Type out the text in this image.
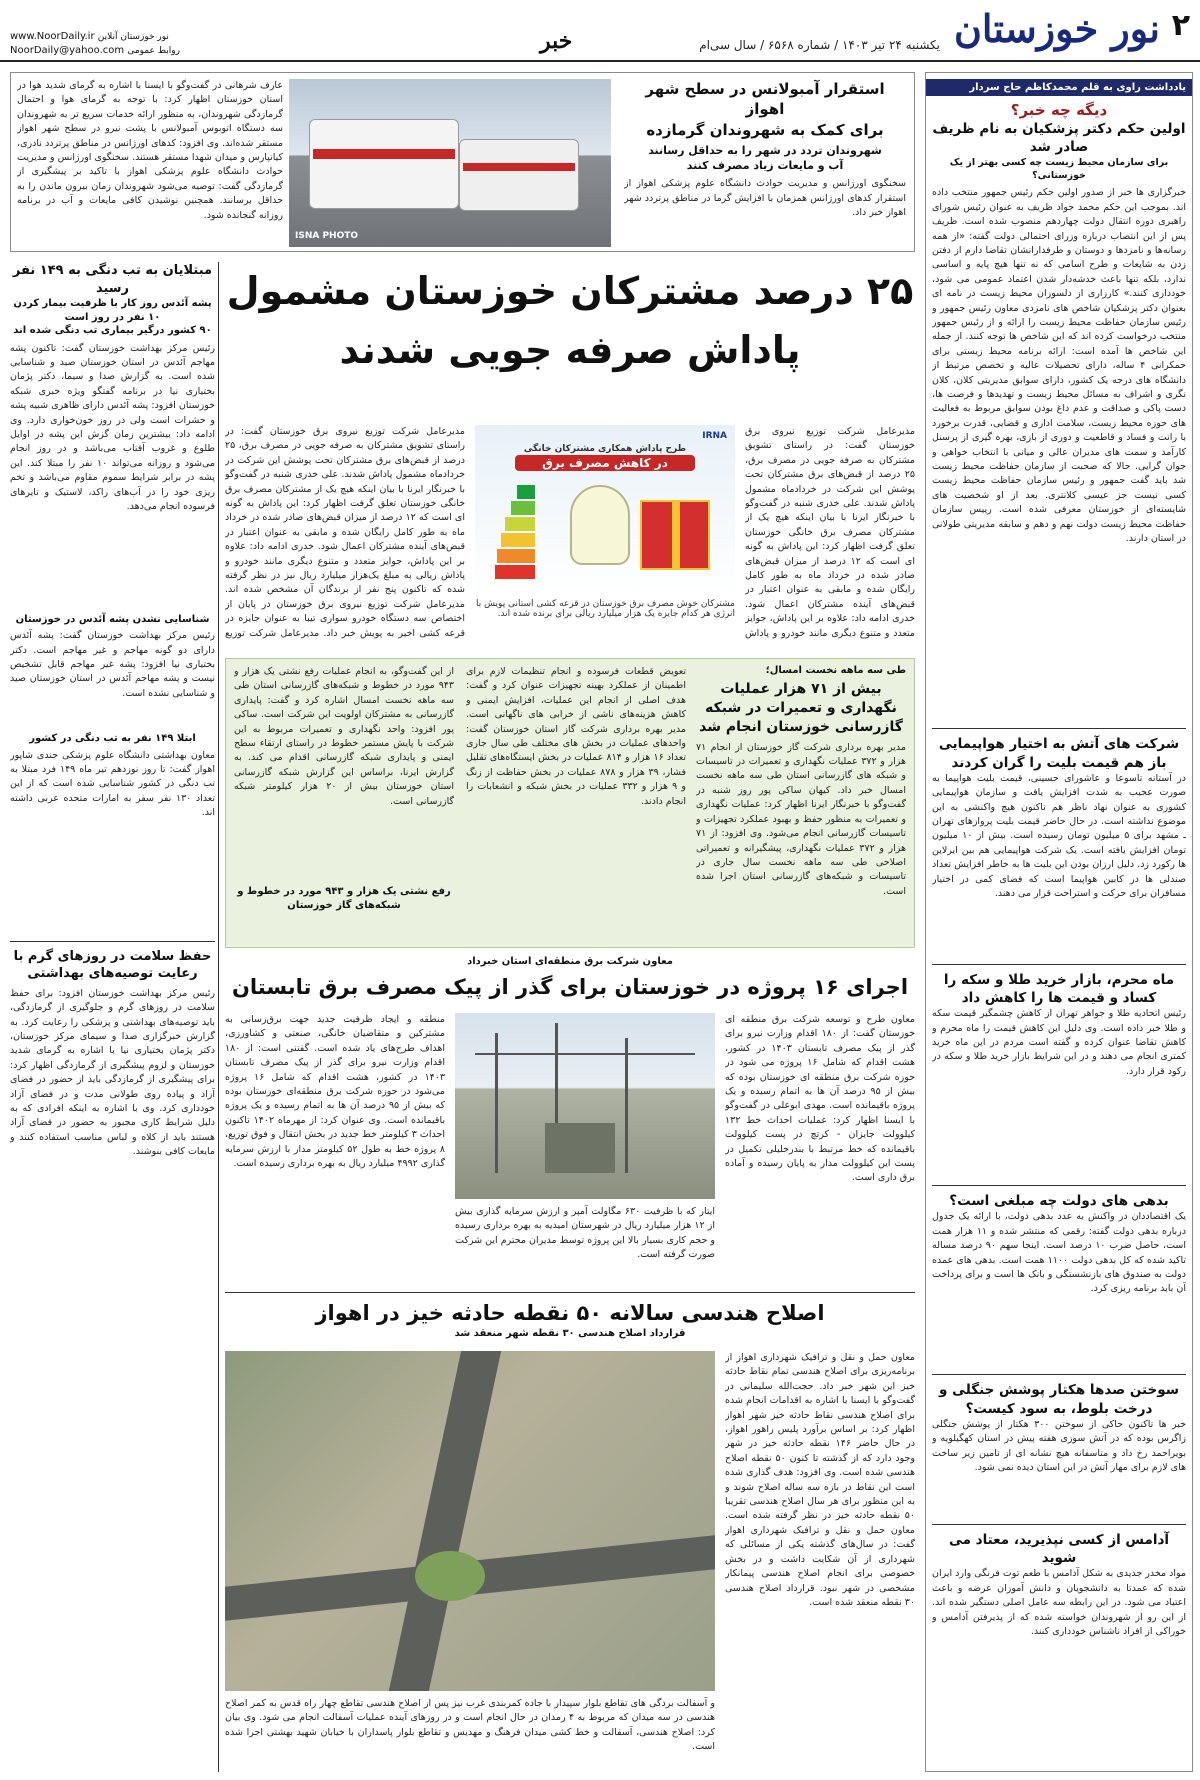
۲
نور خوزستان
یکشنبه ۲۴ تیر ۱۴۰۳ / شماره ۶۵۶۸ / سال سی‌ام
خبر
www.NoorDaily.ir نور خوزستان آنلاین
NoorDaily@yahoo.com روابط عمومی
یادداشت راوی به قلم محمدکاظم حاج سردار
دیگه چه خبر؟
اولین حکم دکتر پزشکیان به نام ظریف صادر شد
برای سازمان محیط زیست چه کسی بهتر از یک خوزستانی؟
خبرگزاری ها خبر از صدور اولین حکم رئیس جمهور منتخب داده اند. بموجب این حکم محمد جواد ظریف به عنوان رئیس شورای راهبری دوره انتقال دولت چهاردهم منصوب شده است. ظریف پس از این انتصاب درباره وزرای احتمالی دولت گفته: «از همه رسانه‌ها و نامزدها و دوستان و طرفدارانشان تقاضا دارم از دفتن زدن به شایعات و طرح اسامی که نه تنها هیچ پایه و اساسی ندارد، بلکه تنها باعث خدشه‌دار شدن اعتماد عمومی می شود، خودداری کنند.» کارزاری از دلسوزان محیط زیست در نامه ای بعنوان دکتر پزشکیان شاخص های نامزدی معاون رئیس جمهور و رئیس سازمان حفاظت محیط زیست را ارائه و از رئیس جمهور منتخب درخواست کرده اند که این شاخص ها توجه کنند. از جمله این شاخص ها آمده است: ارائه برنامه محیط زیستی برای حمکرانی ۴ ساله، دارای تحصیلات عالیه و تخصص مرتبط از دانشگاه های درجه یک کشور، دارای سوابق مدیریتی کلان، کلان نگری و اشراف به مسائل محیط زیست و تهدیدها و فرصت ها، دست پاکی و صداقت و عدم داغ بودن سوابق مربوط به فعالیت های حوزه محیط زیست، سلامت اداری و قضایی، قدرت برخورد با رانت و فساد و قاطعیت و دوری از بازی، بهره گیری از پرسنل کارآمد و سمت های مدیران عالی و میانی با انتخاب خواهی و جوان گرایی. حالا که صحبت از سازمان حفاظت محیط زیست شد باید گفت جمهور و رئیس سازمان حفاظت محیط زیست کسی نیست جز عیسی کلانتری. بعد از او شخصیت های شایسته‌ای از خوزستان معرفی شده است. رییس سازمان حفاظت محیط زیست دولت نهم و دهم و سابقه مدیریتی طولانی در استان دارند.
شرکت های آتش به اختیار هواپیمایی باز هم قیمت بلیت را گران کردند
در آستانه تاسوعا و عاشورای حسینی، قیمت بلیت هواپیما به صورت عجیب به شدت افزایش یافت و سازمان هواپیمایی کشوری به عنوان نهاد ناظر هم تاکنون هیچ واکنشی به این موضوع نداشته است. در حال حاضر قیمت بلیت پروازهای تهران ـ مشهد برای ۵ میلیون تومان رسیده است. بیش از ۱۰ میلیون تومان افزایش یافته است. یک شرکت هواپیمایی هم بین ایرلاین ها رکورد زد. دلیل ارزان بودن این بلیت ها به خاطر افزایش تعداد صندلی ها در کابین هواپیما است که فضای کمی در اختیار مسافران برای حرکت و استراحت قرار می دهند.
ماه محرم، بازار خرید طلا و سکه را کساد و قیمت ها را کاهش داد
رئیس اتحادیه طلا و جواهر تهران از کاهش چشمگیر قیمت سکه و طلا خبر داده است. وی دلیل این کاهش قیمت را ماه محرم و کاهش تقاضا عنوان کرده و گفته است مردم در این ماه خرید کمتری انجام می دهند و در این شرایط بازار خرید طلا و سکه در رکود قرار دارد.
بدهی های دولت چه مبلغی است؟
یک اقتصاددان در واکنش به عدد بدهی دولت، با ارائه یک جدول درباره بدهی دولت گفته: رقمی که منتشر شده و ۱۱ هزار همت است، حاصل ضرب ۱۰ درصد است. اینجا سهم ۹۰ درصد مساله تاکید شده که کل بدهی دولت ۱۱۰۰ همت است. بدهی های عمده دولت به صندوق های بازنشستگی و بانک ها است و برای پرداخت آن باید برنامه ریزی کرد.
سوختن صدها هکتار پوشش جنگلی و درخت بلوط، به سود کیست؟
خبر ها تاکنون حاکی از سوختن ۳۰۰ هکتار از پوشش جنگلی زاگرس بوده که در آتش سوزی هفته پیش در استان کهگیلویه و بویراحمد رخ داد و متاسفانه هیچ نشانه ای از تامین زیر ساخت های لازم برای مهار آتش در این استان دیده نمی شود.
آدامس از کسی نپذیرید، معتاد می شوید
مواد مخدر جدیدی به شکل آدامس با طعم توت فرنگی وارد ایران شده که عمدتا به دانشجویان و دانش آموزان عرضه و باعث اعتیاد می شود. در این رابطه سه عامل اصلی دستگیر شده اند. از این رو از شهروندان خواسته شده که از پذیرفتن آدامس و خوراکی از افراد ناشناس خودداری کنند.
استقرار آمبولانس در سطح شهر اهواز
برای کمک به شهروندان گرمازده
شهروندان تردد در شهر را به حداقل رسانند
آب و مایعات زیاد مصرف کنند
سخنگوی اورژانس و مدیریت حوادث دانشگاه علوم پزشکی اهواز از استقرار کدهای اورژانس همزمان با افزایش گرما در مناطق پرتردد شهر اهواز خبر داد.
ISNA PHOTO
عارف شرهانی در گفت‌وگو با ایسنا با اشاره به گرمای شدید هوا در استان خوزستان اظهار کرد: با توجه به گرمای هوا و احتمال گرمازدگی شهروندان، به منظور ارائه خدمات سریع تر به شهروندان سه دستگاه اتوبوس آمبولانس با پشت نیرو در سطح شهر اهواز مستقر شده‌اند. وی افزود: کدهای اورژانس در مناطق پرتردد نادری، کیانپارس و میدان شهدا مستقر هستند. سخنگوی اورژانس و مدیریت حوادث دانشگاه علوم پزشکی اهواز با تاکید بر پیشگیری از گرمازدگی گفت: توصیه می‌شود شهروندان زمان بیرون ماندن را به حداقل برسانند. همچنین نوشیدن کافی مایعات و آب در برنامه روزانه گنجانده شود.
مبتلایان به تب دنگی به ۱۴۹ نفر رسید
پشه آئدس روز کار با ظرفیت بیمار کردن ۱۰ نفر در روز است
۹۰ کشور درگیر بیماری تب دنگی شده اند
رئیس مرکز بهداشت خوزستان گفت: تاکنون پشه مهاجم آئدس در استان خوزستان صید و شناسایی شده است. به گزارش صدا و سیما، دکتر پژمان بختیاری نیا در برنامه گفتگو ویژه خبری شبکه خوزستان افزود: پشه آئدس دارای ظاهری شبیه پشه و حشرات است ولی در روز خون‌خواری دارد. وی ادامه داد: بیشترین زمان گزش این پشه در اوایل طلوع و غروب آفتاب می‌باشد و در روز انجام می‌شود و روزانه می‌تواند ۱۰ نفر را مبتلا کند. این پشه در برابر شرایط سموم مقاوم می‌باشد و تخم ریزی خود را در آب‌های راکد، لاستیک و تایرهای فرسوده انجام می‌دهد.
شناسایی نشدن پشه آئدس در خوزستان
رئیس مرکز بهداشت خوزستان گفت: پشه آئدس دارای دو گونه مهاجم و غیر مهاجم است. دکتر بختیاری نیا افزود: پشه غیر مهاجم قابل تشخیص نیست و پشه مهاجم آئدس در استان خوزستان صید و شناسایی نشده است.
ابتلا ۱۴۹ نفر به تب دنگی در کشور
معاون بهداشتی دانشگاه علوم پزشکی جندی شاپور اهواز گفت: تا روز نوزدهم تیر ماه ۱۴۹ فرد مبتلا به تب دنگی در کشور شناسایی شده است که از این تعداد ۱۳۰ نفر سفر به امارات متحده عربی داشته اند.
حفظ سلامت در روزهای گرم با رعایت توصیه‌های بهداشتی
رئیس مرکز بهداشت خوزستان افزود: برای حفظ سلامت در روزهای گرم و جلوگیری از گرمازدگی، باید توصیه‌های بهداشتی و پزشکی را رعایت کرد. به گزارش خبرگزاری صدا و سیمای مرکز خوزستان، دکتر پژمان بختیاری نیا با اشاره به گرمای شدید خوزستان و لزوم پیشگیری از گرمازدگی اظهار کرد: برای پیشگیری از گرمازدگی باید از حضور در فضای آزاد و پیاده روی طولانی مدت و در فضای آزاد خودداری کرد. وی با اشاره به اینکه افرادی که به دلیل شرایط کاری مجبور به حضور در فضای آزاد هستند باید از کلاه و لباس مناسب استفاده کنند و مایعات کافی بنوشند.
۲۵ درصد مشترکان خوزستان مشمول
پاداش صرفه جویی شدند
مدیرعامل شرکت توزیع نیروی برق خوزستان گفت: در راستای تشویق مشترکان به صرفه جویی در مصرف برق، ۲۵ درصد از قبض‌های برق مشترکان تحت پوشش این شرکت در خردادماه مشمول پاداش شدند. علی خدری شنبه در گفت‌وگو با خبرنگار ایرنا با بیان اینکه هیچ یک از مشترکان مصرف برق خانگی خوزستان تعلق گرفت اظهار کرد: این پاداش به گونه ای است که ۱۲ درصد از میزان قبض‌های صادر شده در خرداد ماه به طور کامل رایگان شده و مابقی به عنوان اعتبار در قبض‌های آینده مشترکان اعمال شود. خدری ادامه داد: علاوه بر این پاداش، جوایز متعدد و متنوع دیگری مانند خودرو و پاداش
IRNA
طرح پاداش همکاری مشترکان خانگی
در کاهش مصرف برق
مشترکان خوش مصرف برق خوزستان در قرعه کشی استانی پویش با انرژی هر کدام جایزه یک هزار میلیارد ریالی برای برنده شده اند.
مدیرعامل شرکت توزیع نیروی برق خوزستان گفت: در راستای تشویق مشترکان به صرفه جویی در مصرف برق، ۲۵ درصد از قبض‌های برق مشترکان تحت پوشش این شرکت در خردادماه مشمول پاداش شدند. علی خدری شنبه در گفت‌وگو با خبرنگار ایرنا با بیان اینکه هیچ یک از مشترکان مصرف برق خانگی خوزستان تعلق گرفت اظهار کرد: این پاداش به گونه ای است که ۱۲ درصد از میزان قبض‌های صادر شده در خرداد ماه به طور کامل رایگان شده و مابقی به عنوان اعتبار در قبض‌های آینده مشترکان اعمال شود. خدری ادامه داد: علاوه بر این پاداش، جوایز متعدد و متنوع دیگری مانند خودرو و پاداش ریالی به مبلغ یک‌هزار میلیارد ریال نیز در نظر گرفته شده که تاکنون پنج نفر از برندگان آن مشخص شده اند. مدیرعامل شرکت توزیع نیروی برق خوزستان در پایان از اختصاص سه دستگاه خودرو سواری تیبا به عنوان جایزه در قرعه کشی اخیر به پویش خبر داد. مدیرعامل شرکت توزیع
طی سه ماهه نخست امسال؛
بیش از ۷۱ هزار عملیات نگهداری و تعمیرات در شبکه گازرسانی خوزستان انجام شد
مدیر بهره برداری شرکت گاز خوزستان از انجام ۷۱ هزار و ۳۷۲ عملیات نگهداری و تعمیرات در تاسیسات و شبکه های گازرسانی استان طی سه ماهه نخست امسال خبر داد. کیهان ساکی پور روز شنبه در گفت‌وگو با خبرنگار ایرنا اظهار کرد: عملیات نگهداری و تعمیرات به منظور حفظ و بهبود عملکرد تجهیزات و تاسیسات گازرسانی انجام می‌شود. وی افزود: از ۷۱ هزار و ۳۷۲ عملیات نگهداری، پیشگیرانه و تعمیراتی اصلاحی طی سه ماهه نخست سال جاری در تاسیسات و شبکه‌های گازرسانی استان اجرا شده است.
تعویض قطعات فرسوده و انجام تنظیمات لازم برای اطمینان از عملکرد بهینه تجهیزات عنوان کرد و گفت: هدف اصلی از انجام این عملیات، افزایش ایمنی و کاهش هزینه‌های ناشی از خرابی های ناگهانی است. مدیر بهره برداری شرکت گاز استان خوزستان گفت: واحدهای عملیات در بخش های مختلف طی سال جاری تعداد ۱۶ هزار و ۸۱۴ عملیات در بخش ایستگاه‌های تقلیل فشار، ۳۹ هزار و ۸۷۸ عملیات در بخش حفاظت از زنگ و ۹ هزار و ۳۳۲ عملیات در بخش شبکه و انشعابات را انجام دادند.
از این گفت‌وگو، به انجام عملیات رفع نشتی یک هزار و ۹۴۳ مورد در خطوط و شبکه‌های گازرسانی استان طی سه ماهه نخست امسال اشاره کرد و گفت: پایداری گازرسانی به مشترکان اولویت این شرکت است. ساکی پور افزود: واحد نگهداری و تعمیرات مربوط به این شرکت با پایش مستمر خطوط در راستای ارتقاء سطح ایمنی و پایداری شبکه گازرسانی اقدام می کند. به گزارش ایرنا، براساس این گزارش شبکه گازرسانی استان خوزستان بیش از ۲۰ هزار کیلومتر شبکه گازرسانی است.
رفع نشتی یک هزار و ۹۴۳ مورد در خطوط و شبکه‌های گاز خوزستان
معاون شرکت برق منطقه‌ای استان خبرداد
اجرای ۱۶ پروژه در خوزستان برای گذر از پیک مصرف برق تابستان
معاون طرح و توسعه شرکت برق منطقه ای خوزستان گفت: از ۱۸۰ اقدام وزارت نیرو برای گذر از پیک مصرف تابستان ۱۴۰۳ در کشور، هشت اقدام که شامل ۱۶ پروژه می شود در حوزه شرکت برق منطقه ای خوزستان بوده که بیش از ۹۵ درصد آن ها به اتمام رسیده و یک پروژه باقیمانده است. مهدی ابوعلی در گفت‌وگو با ایسنا اظهار کرد: عملیات احداث خط ۱۳۲ کیلوولت جایزان - کرتچ در پست کیلوولت باقیمانده که خط مرتبط با بندرخلیلی تکمیل در پست این کیلوولت مدار به پایان رسیده و آماده برق داری است.
ایتار که با ظرفیت ۶۳۰ مگاولت آمپر و ارزش سرمایه گذاری بیش از ۱۲ هزار میلیارد ریال در شهرستان امیدیه به بهره برداری رسیده و حجم کاری بسیار بالا این پروژه توسط مدیران محترم این شرکت صورت گرفته است.
منطقه و ایجاد ظرفیت جدید جهت برق‌رسانی به مشترکین و متقاضیان خانگی، صنعتی و کشاورزی، اهداف طرح‌های یاد شده است. گفتنی است: از ۱۸۰ اقدام وزارت نیرو برای گذر از پیک مصرف تابستان ۱۴۰۳ در کشور، هشت اقدام که شامل ۱۶ پروژه می‌شود در حوزه شرکت برق منطقه‌ای خوزستان بوده که بیش از ۹۵ درصد آن ها به اتمام رسیده و یک پروژه باقیمانده است. وی عنوان کرد: از مهرماه ۱۴۰۲ تاکنون احداث ۳ کیلومتر خط جدید در بخش انتقال و فوق توزیع، ۸ پروژه خط به طول ۵۲ کیلومتر مدار با ارزش سرمایه گذاری ۴۹۹۲ میلیارد ریال به بهره برداری رسیده است.
اصلاح هندسی سالانه ۵۰ نقطه حادثه خیز در اهواز
قرارداد اصلاح هندسی ۳۰ نقطه شهر منعقد شد
معاون حمل و نقل و ترافیک شهرداری اهواز از برنامه‌ریزی برای اصلاح هندسی تمام نقاط حادثه خیز این شهر خبر داد. حجت‌الله سلیمانی در گفت‌وگو با ایسنا با اشاره به اقدامات انجام شده برای اصلاح هندسی نقاط حادثه خیز شهر اهواز اظهار کرد: بر اساس برآورد پلیس راهور اهواز، در حال حاضر ۱۴۶ نقطه حادثه خیز در شهر وجود دارد که از گذشته تا کنون ۵۰ نقطه اصلاح هندسی شده است. وی افزود: هدف گذاری شده است این نقاط در بازه سه ساله اصلاح شوند و به این منظور برای هر سال اصلاح هندسی تقریبا ۵۰ نقطه حادثه خیز در نظر گرفته شده است. معاون حمل و نقل و ترافیک شهرداری اهواز گفت: در سال‌های گذشته یکی از مسائلی که شهرداری از آن شکایت داشت و در بخش خصوصی برای انجام اصلاح هندسی پیمانکار مشخصی در شهر نبود. قرارداد اصلاح هندسی ۳۰ نقطه منعقد شده است.
و آسفالت بردگی های تقاطع بلوار سپیدار با جاده کمربندی غرب نیز پس از اصلاح هندسی تقاطع چهار راه قدس به کمر اصلاح هندسی در سه میدان که مربوط به ۴ رمدان در حال انجام است و در روزهای آینده عملیات آسفالت انجام می شود. وی بیان کرد: اصلاح هندسی، آسفالت و خط کشی میدان فرهنگ و مهدیس و تقاطع بلوار پاسداران با خیابان شهید بهشتی اجرا شده است.
